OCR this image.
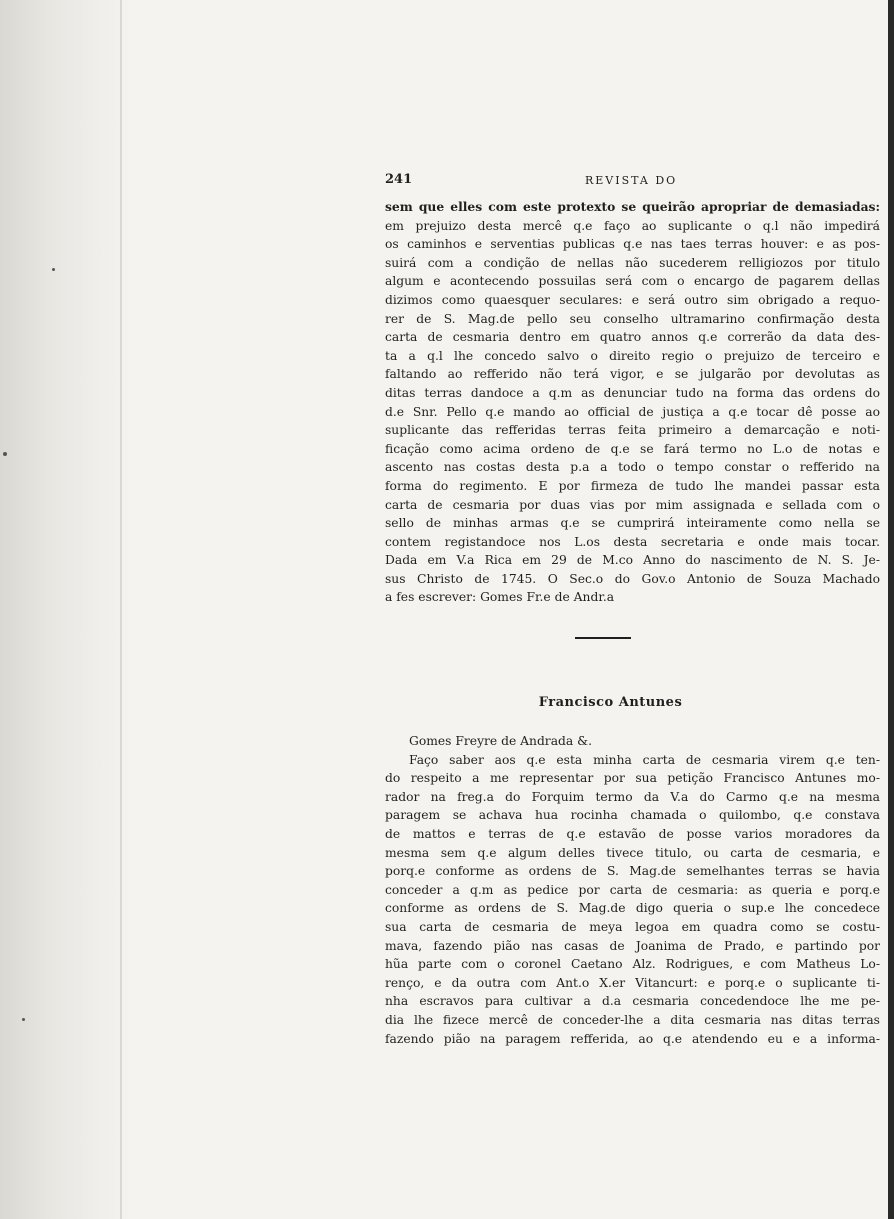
241	REVISTA DO
sem que elles com este protexto se queirão apropriar de demasiadas:
em prejuizo desta mercê q.e faço ao suplicante o q.l não impedirá
os caminhos e serventias publicas q.e nas taes terras houver: e as pos-
suirá com a condição de nellas não sucederem relligiozos por titulo
algum e acontecendo possuilas será com o encargo de pagarem dellas
dizimos como quaesquer seculares: e será outro sim obrigado a requo-
rer de S. Mag.de pello seu conselho ultramarino confirmação desta
carta de cesmaria dentro em quatro annos q.e correrão da data des-
ta a q.l lhe concedo salvo o direito regio o prejuizo de terceiro e
faltando ao refferido não terá vigor, e se julgarão por devolutas as
ditas terras dandoce a q.m as denunciar tudo na forma das ordens do
d.e Snr. Pello q.e mando ao official de justiça a q.e tocar dê posse ao
suplicante das refferidas terras feita primeiro a demarcação e noti-
ficação como acima ordeno de q.e se fará termo no L.o de notas e
ascento nas costas desta p.a a todo o tempo constar o refferido na
forma do regimento. E por firmeza de tudo lhe mandei passar esta
carta de cesmaria por duas vias por mim assignada e sellada com o
sello de minhas armas q.e se cumprirá inteiramente como nella se
contem registandoce nos L.os desta secretaria e onde mais tocar.
Dada em V.a Rica em 29 de M.co Anno do nascimento de N. S. Je-
sus Christo de 1745. O Sec.o do Gov.o Antonio de Souza Machado
a fes escrever: Gomes Fr.e de Andr.a
Francisco Antunes
Gomes Freyre de Andrada &.
Faço saber aos q.e esta minha carta de cesmaria virem q.e ten-
do respeito a me representar por sua petição Francisco Antunes mo-
rador na freg.a do Forquim termo da V.a do Carmo q.e na mesma
paragem se achava hua rocinha chamada o quilombo, q.e constava
de mattos e terras de q.e estavão de posse varios moradores da
mesma sem q.e algum delles tivece titulo, ou carta de cesmaria, e
porq.e conforme as ordens de S. Mag.de semelhantes terras se havia
conceder a q.m as pedice por carta de cesmaria: as queria e porq.e
conforme as ordens de S. Mag.de digo queria o sup.e lhe concedece
sua carta de cesmaria de meya legoa em quadra como se costu-
mava, fazendo pião nas casas de Joanima de Prado, e partindo por
hũa parte com o coronel Caetano Alz. Rodrigues, e com Matheus Lo-
renço, e da outra com Ant.o X.er Vitancurt: e porq.e o suplicante ti-
nha escravos para cultivar a d.a cesmaria concedendoce lhe me pe-
dia lhe fizece mercê de conceder-lhe a dita cesmaria nas ditas terras
fazendo pião na paragem refferida, ao q.e atendendo eu e a informa-
